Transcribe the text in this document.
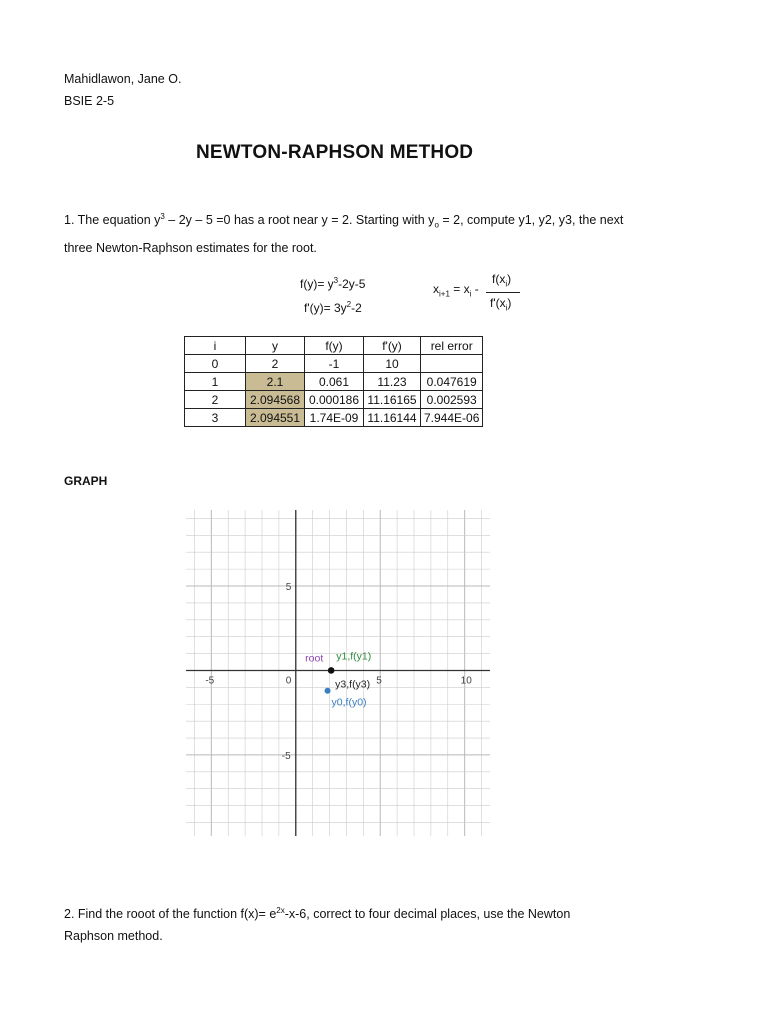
Mahidlawon, Jane O.
BSIE 2-5
NEWTON-RAPHSON METHOD
1. The equation $y^3 - 2y - 5 =0$ has a root near y = 2. Starting with $y_o = 2$, compute y1, y2, y3, the next
three Newton-Raphson estimates for the root.
$f(y)= y^3-2y-5$
$f'(y)= 3y^2-2$
$x_{i+1} = x_i$ -
$f(x_i)$
$f'(x_i)$
i	y	f(y)	f'(y)	rel error
0	2	-1	10	
1	2.1	0.061	11.23	0.047619
2	2.094568	0.000186	11.16165	0.002593
3	2.094551	1.74E-09	11.16144	7.944E-06
GRAPH
-5	0	5	10
5
-5
root y1,f(y1)
y3,f(y3)
y0,f(y0)
2. Find the rooot of the function $f(x)= e^{2x}-x-6$, correct to four decimal places, use the Newton
Raphson method.
